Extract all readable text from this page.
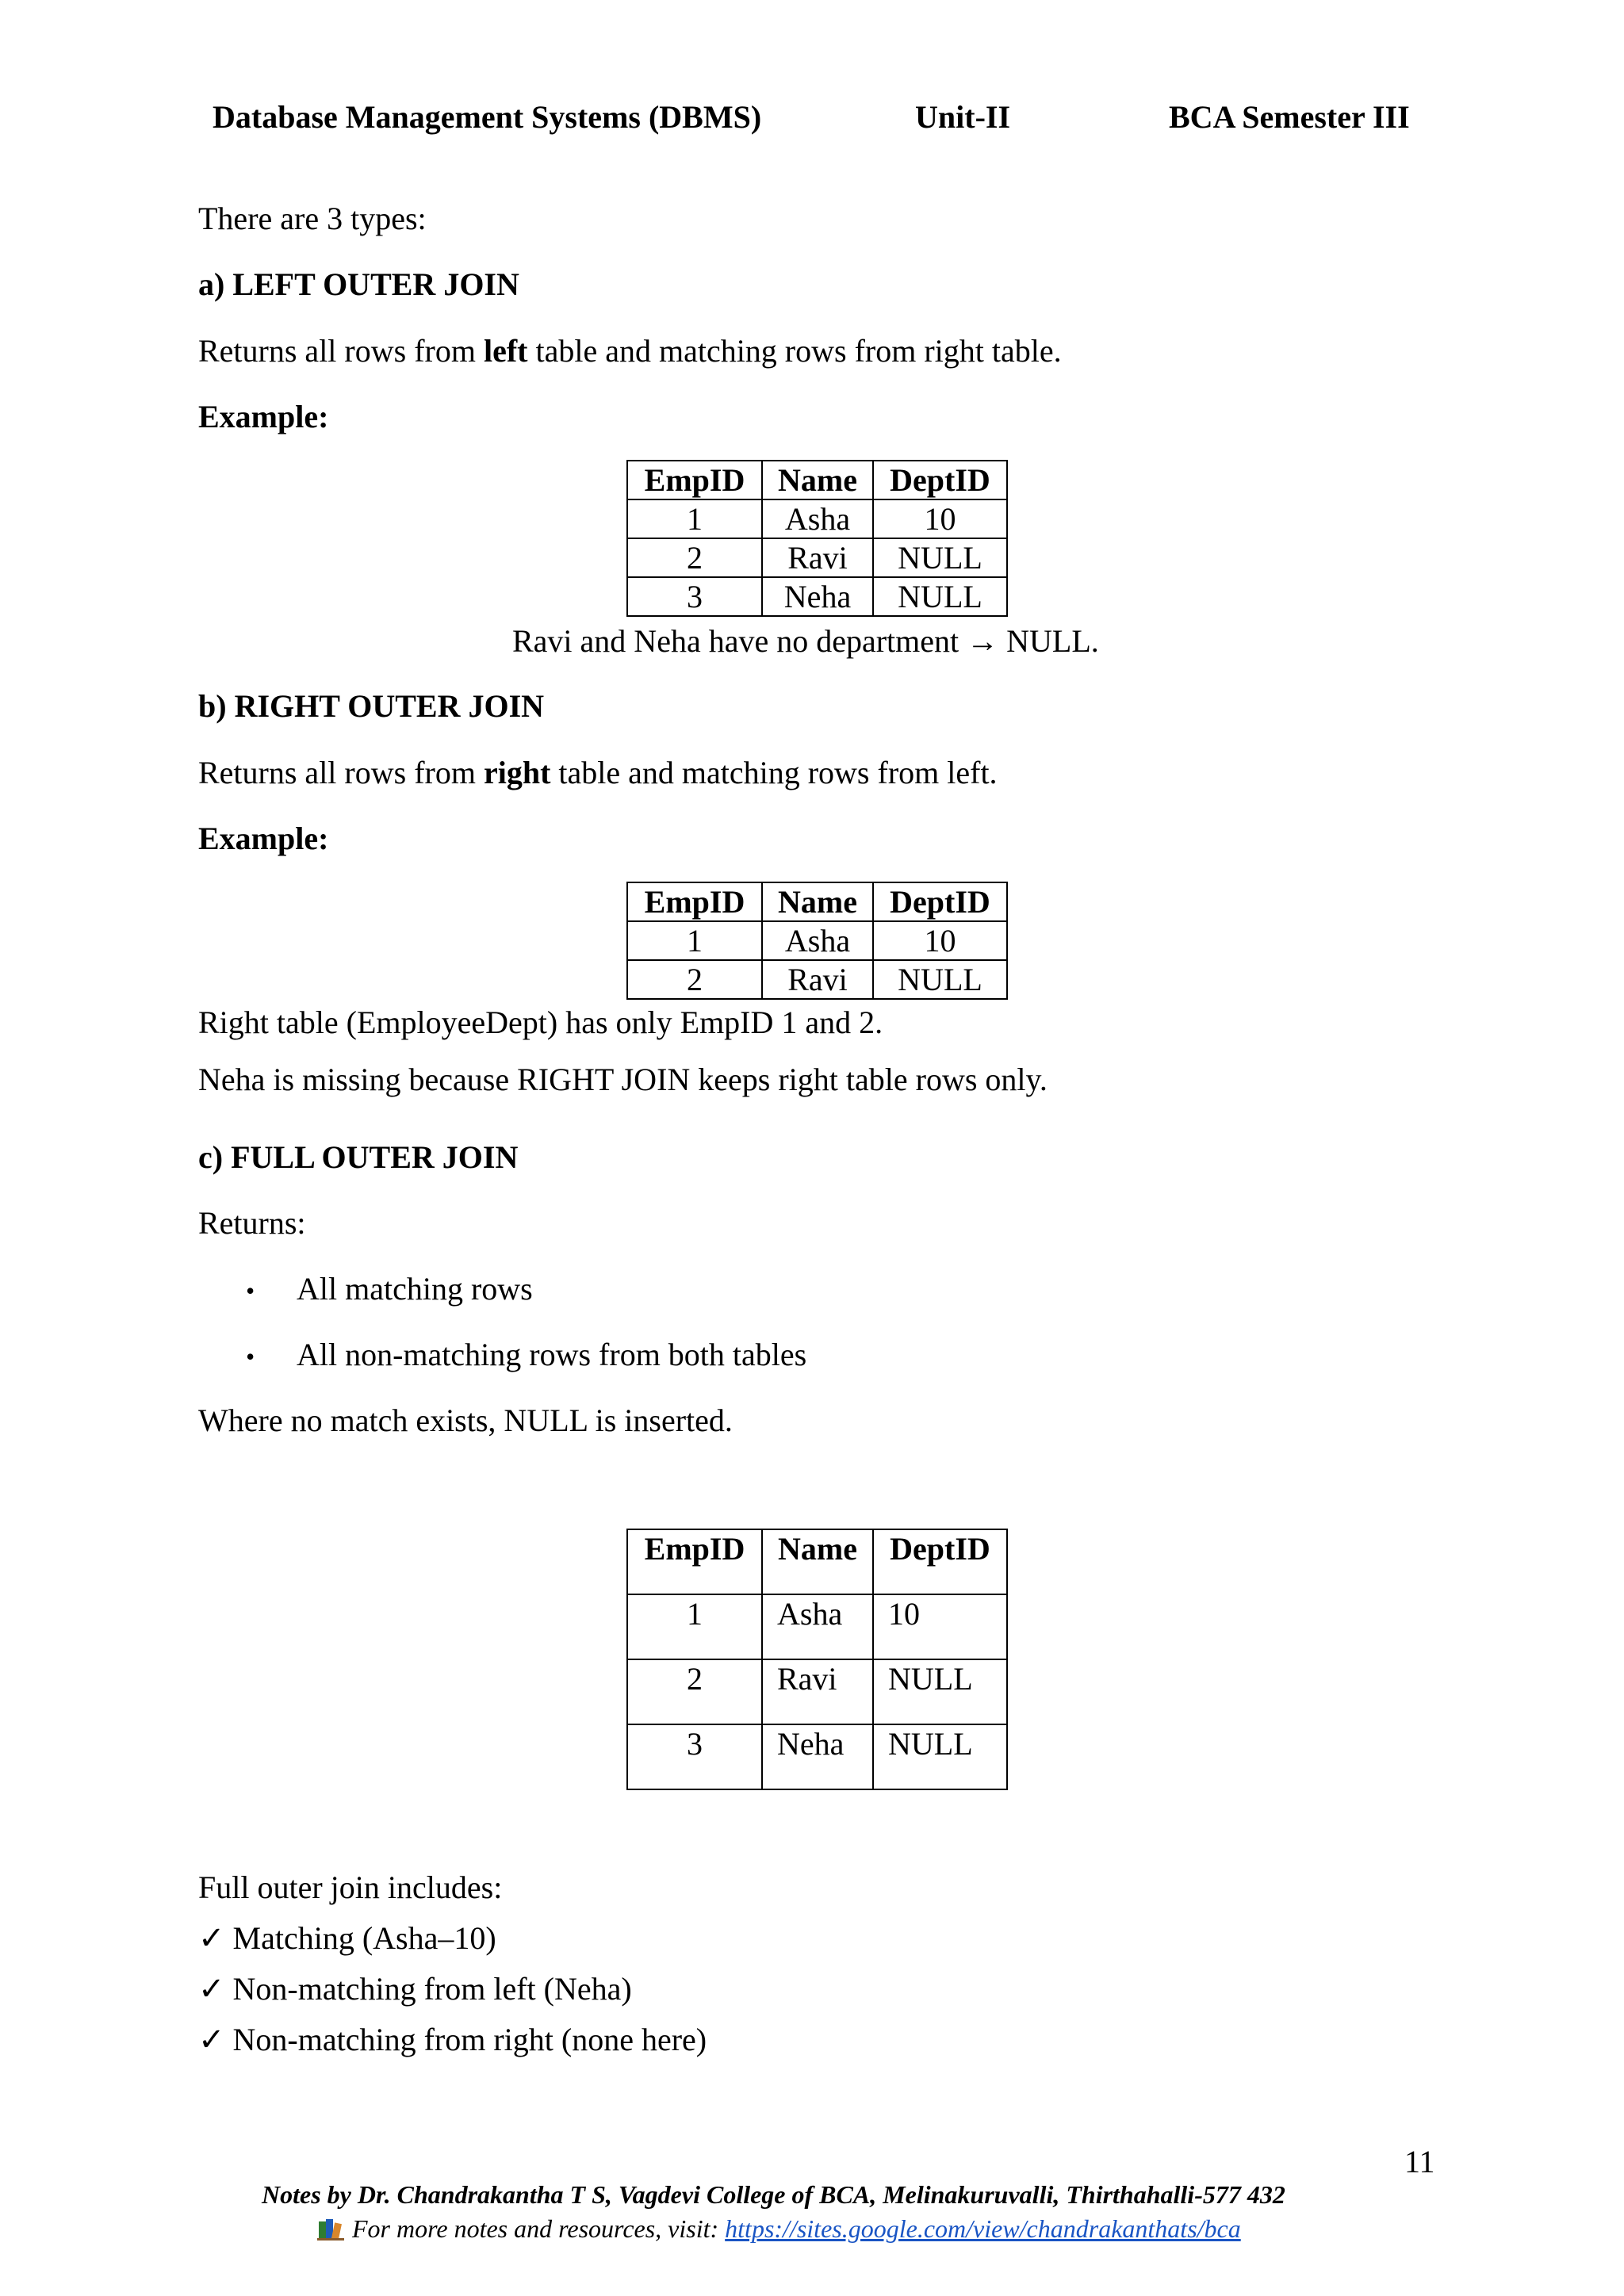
Database Management Systems (DBMS)	Unit-II	BCA Semester III
There are 3 types:
a) LEFT OUTER JOIN
Returns all rows from left table and matching rows from right table.
Example:
EmpID	Name	DeptID
1	Asha	10
2	Ravi	NULL
3	Neha	NULL
Ravi and Neha have no department → NULL.
b) RIGHT OUTER JOIN
Returns all rows from right table and matching rows from left.
Example:
EmpID	Name	DeptID
1	Asha	10
2	Ravi	NULL
Right table (EmployeeDept) has only EmpID 1 and 2.
Neha is missing because RIGHT JOIN keeps right table rows only.
c) FULL OUTER JOIN
Returns:
• All matching rows
• All non-matching rows from both tables
Where no match exists, NULL is inserted.
EmpID	Name	DeptID
1	Asha	10
2	Ravi	NULL
3	Neha	NULL
Full outer join includes:
✓ Matching (Asha–10)
✓ Non-matching from left (Neha)
✓ Non-matching from right (none here)
11
Notes by Dr. Chandrakantha T S, Vagdevi College of BCA, Melinakuruvalli, Thirthahalli-577 432
For more notes and resources, visit: https://sites.google.com/view/chandrakanthats/bca
